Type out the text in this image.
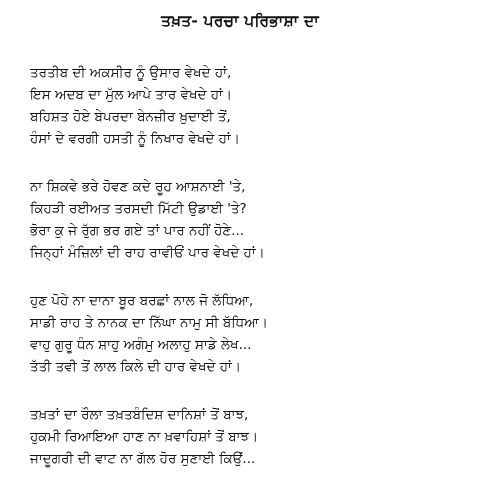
ਤਖ਼ਤ- ਪਰਚਾ ਪਰਿਭਾਸ਼ਾ ਦਾ
ਤਰਤੀਬ ਦੀ ਅਕਸੀਰ ਨੂੰ ਉਸਾਰ ਵੇਖਦੇ ਹਾਂ,
ਇਸ ਅਦਬ ਦਾ ਮੁੱਲ ਆਪੇ ਤਾਰ ਵੇਖਦੇ ਹਾਂ।
ਬਹਿਸ਼ਤ ਹੋਏ ਬੇਪਰਦਾ ਬੇਨਜ਼ੀਰ ਖ਼ੁਦਾਈ ਤੋਂ,
ਹੰਸਾਂ ਦੇ ਵਰਗੀ ਹਸਤੀ ਨੂੰ ਨਿਖਾਰ ਵੇਖਦੇ ਹਾਂ।
ਨਾ ਸ਼ਿਕਵੇ ਭਰੇ ਹੋਵਣ ਕਦੇ ਰੂਹ ਆਸ਼ਨਾਈ 'ਤੇ,
ਕਿਹੜੀ ਰਈਅਤ ਤਰਸਦੀ ਮਿੱਟੀ ਉਡਾਈ 'ਤੇ?
ਭੋਰਾ ਕੁ ਜੇ ਰੁੱਗ ਭਰ ਗਏ ਤਾਂ ਪਾਰ ਨਹੀਂ ਹੋਣੇ...
ਜਿਨ੍ਹਾਂ ਮੰਜ਼ਿਲਾਂ ਦੀ ਰਾਹ ਰਾਵੀਓਂ ਪਾਰ ਵੇਖਦੇ ਹਾਂ।
ਹੁਣ ਪੋਹੇ ਨਾ ਦਾਨਾ ਬੂਰ ਬਰਛਾਂ ਨਾਲ ਜੋ ਲੱਧਿਆ,
ਸਾਡੀ ਰਾਹ ਤੇ ਨਾਨਕ ਦਾ ਨਿੱਘਾ ਨਾਮੁ ਸੀ ਬੱਧਿਆ।
ਵਾਹੁ ਗੁਰੂ ਧੰਨ ਸ਼ਾਹੁ ਅਗੰਮੁ ਅਲਾਹੁ ਸਾਡੇ ਲੇਖ...
ਤੱਤੀ ਤਵੀ ਤੋਂ ਲਾਲ ਕਿਲੇ ਦੀ ਹਾਰ ਵੇਖਦੇ ਹਾਂ।
ਤਖ਼ਤਾਂ ਦਾ ਰੌਲਾ ਤਖ਼ਤਬੰਦਿਸ਼ ਦਾਨਿਸ਼ਾਂ ਤੋਂ ਬਾਝ,
ਹੁਕਮੀ ਰਿਆਇਆ ਹਾਣ ਨਾ ਖ਼ਵਾਹਿਸ਼ਾਂ ਤੋਂ ਬਾਝ।
ਜਾਦੂਗਰੀ ਦੀ ਵਾਟ ਨਾ ਗੱਲ ਹੋਰ ਸੁਣਾਈ ਕਿਉਂ...
